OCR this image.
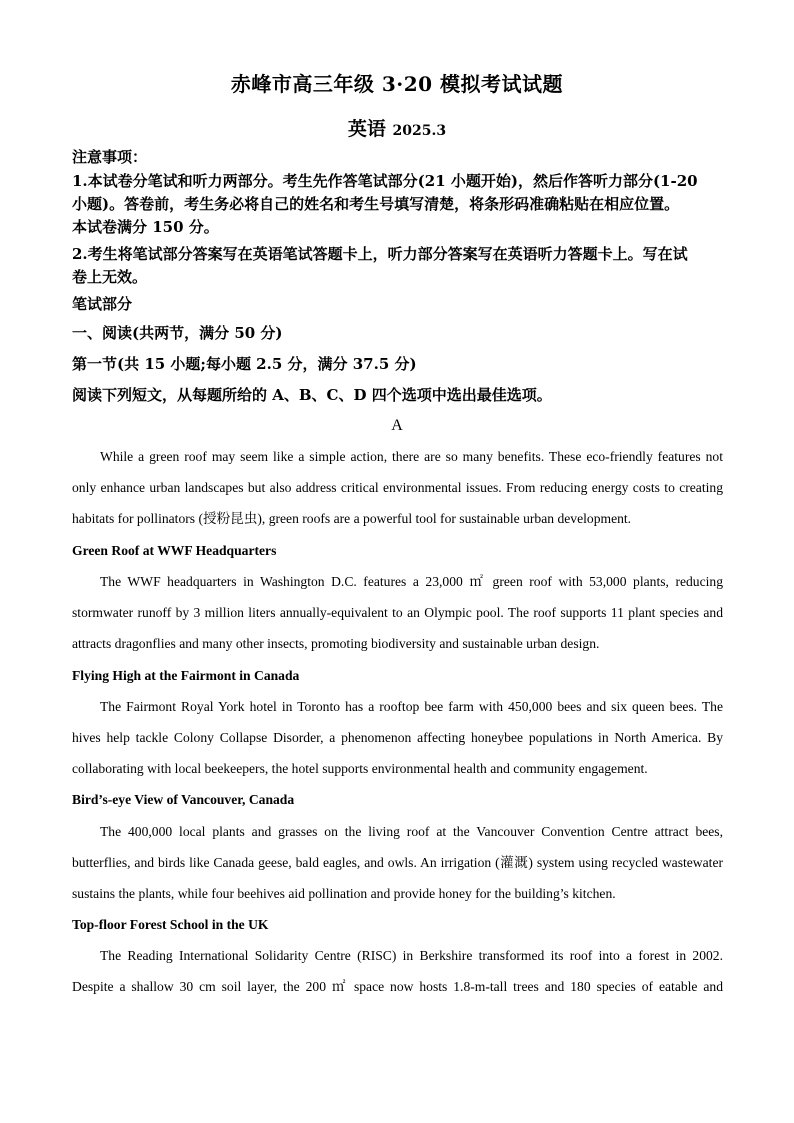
赤峰市高三年级 3·20 模拟考试试题
英语 2025.3
注意事项：
1.本试卷分笔试和听力两部分。考生先作答笔试部分(21 小题开始)，然后作答听力部分(1-20
小题)。答卷前，考生务必将自己的姓名和考生号填写清楚，将条形码准确粘贴在相应位置。
本试卷满分 150 分。
2.考生将笔试部分答案写在英语笔试答题卡上，听力部分答案写在英语听力答题卡上。写在试
卷上无效。
笔试部分
一、阅读(共两节，满分 50 分)
第一节(共 15 小题;每小题 2.5 分，满分 37.5 分)
阅读下列短文，从每题所给的 A、B、C、D 四个选项中选出最佳选项。
A
While a green roof may seem like a simple action, there are so many benefits. These eco-friendly features not
only enhance urban landscapes but also address critical environmental issues. From reducing energy costs to creating
habitats for pollinators (授粉昆虫), green roofs are a powerful tool for sustainable urban development.
Green Roof at WWF Headquarters
The WWF headquarters in Washington D.C. features a 23,000 ㎡ green roof with 53,000 plants, reducing
stormwater runoff by 3 million liters annually-equivalent to an Olympic pool. The roof supports 11 plant species and
attracts dragonflies and many other insects, promoting biodiversity and sustainable urban design.
Flying High at the Fairmont in Canada
The Fairmont Royal York hotel in Toronto has a rooftop bee farm with 450,000 bees and six queen bees. The
hives help tackle Colony Collapse Disorder, a phenomenon affecting honeybee populations in North America. By
collaborating with local beekeepers, the hotel supports environmental health and community engagement.
Bird’s-eye View of Vancouver, Canada
The 400,000 local plants and grasses on the living roof at the Vancouver Convention Centre attract bees,
butterflies, and birds like Canada geese, bald eagles, and owls. An irrigation (灌溉) system using recycled wastewater
sustains the plants, while four beehives aid pollination and provide honey for the building’s kitchen.
Top-floor Forest School in the UK
The Reading International Solidarity Centre (RISC) in Berkshire transformed its roof into a forest in 2002.
Despite a shallow 30 cm soil layer, the 200 ㎡ space now hosts 1.8-m-tall trees and 180 species of eatable and
